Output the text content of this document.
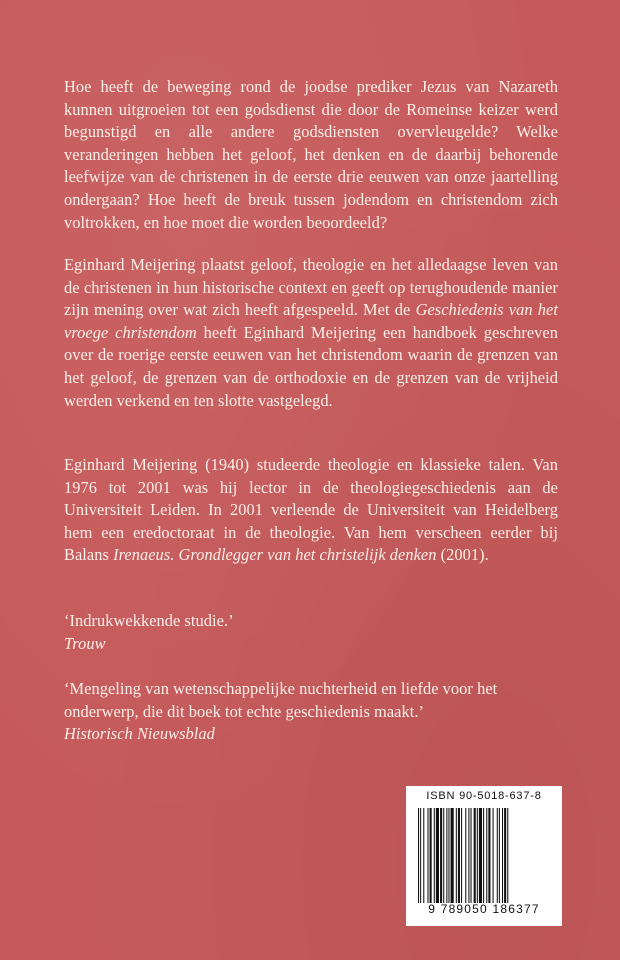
Hoe heeft de beweging rond de joodse prediker Jezus van Nazareth kunnen uitgroeien tot een godsdienst die door de Romeinse keizer werd begunstigd en alle andere godsdiensten overvleugelde? Welke veranderingen hebben het geloof, het denken en de daarbij behorende leefwijze van de christenen in de eerste drie eeuwen van onze jaartelling ondergaan? Hoe heeft de breuk tussen jodendom en christendom zich voltrokken, en hoe moet die worden beoordeeld?

Eginhard Meijering plaatst geloof, theologie en het alledaagse leven van de christenen in hun historische context en geeft op terughoudende manier zijn mening over wat zich heeft afgespeeld. Met de Geschiedenis van het vroege christendom heeft Eginhard Meijering een handboek geschreven over de roerige eerste eeuwen van het christendom waarin de grenzen van het geloof, de grenzen van de orthodoxie en de grenzen van de vrijheid werden verkend en ten slotte vastgelegd.

Eginhard Meijering (1940) studeerde theologie en klassieke talen. Van 1976 tot 2001 was hij lector in de theologiegeschiedenis aan de Universiteit Leiden. In 2001 verleende de Universiteit van Heidelberg hem een eredoctoraat in de theologie. Van hem verscheen eerder bij Balans Irenaeus. Grondlegger van het christelijk denken (2001).

‘Indrukwekkende studie.’

Trouw

‘Mengeling van wetenschappelijke nuchterheid en liefde voor het onderwerp, die dit boek tot echte geschiedenis maakt.’

Historisch Nieuwsblad
ISBN 90-5018-637-8
9 789050 186377
